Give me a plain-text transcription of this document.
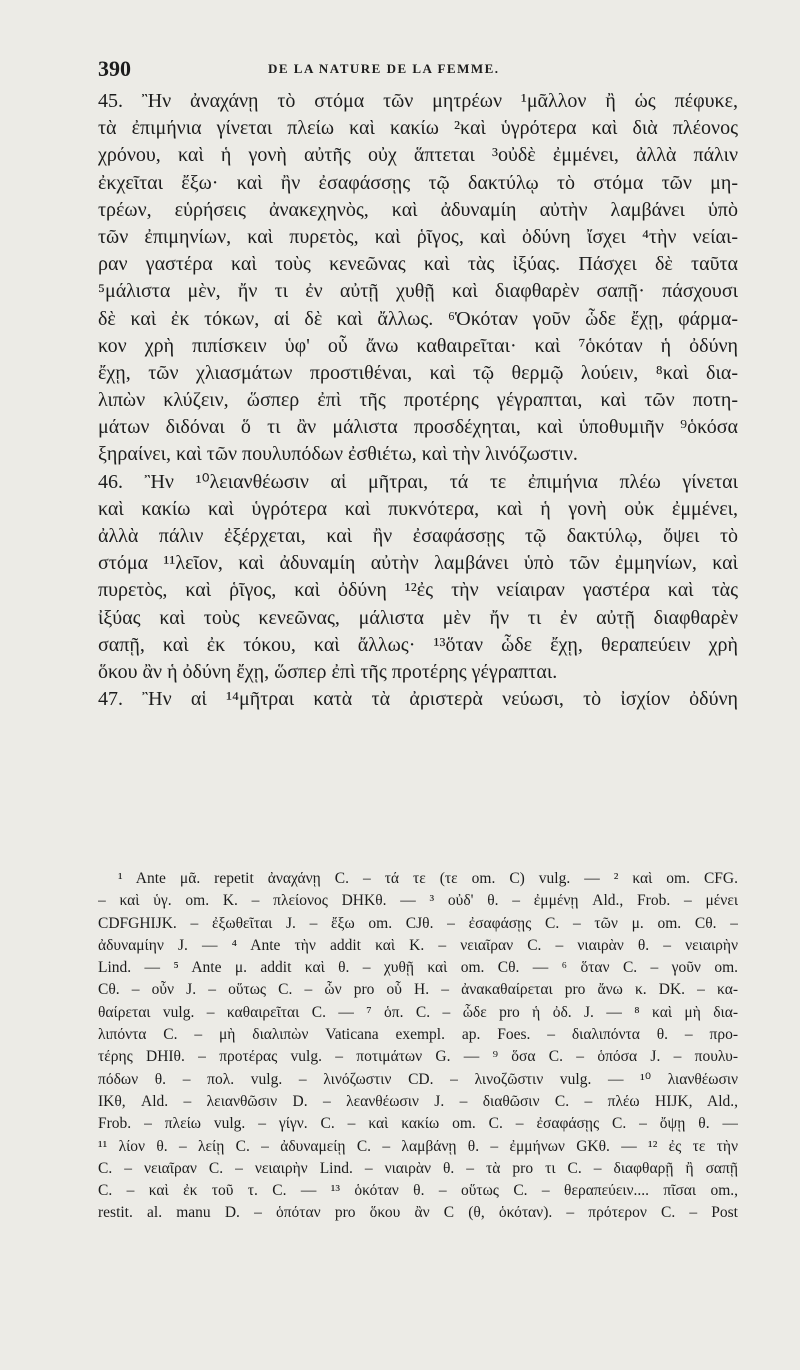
390	DE LA NATURE DE LA FEMME.
45. Ἢν ἀναχάνῃ τὸ στόμα τῶν μητρέων ¹μᾶλλον ἢ ὡς πέφυκε,
τὰ ἐπιμήνια γίνεται πλείω καὶ κακίω ²καὶ ὑγρότερα καὶ διὰ πλέονος
χρόνου, καὶ ἡ γονὴ αὐτῆς οὐχ ἅπτεται ³οὐδὲ ἐμμένει, ἀλλὰ πάλιν
ἐκχεῖται ἔξω· καὶ ἢν ἐσαφάσσῃς τῷ δακτύλῳ τὸ στόμα τῶν μη-
τρέων, εὑρήσεις ἀνακεχηνὸς, καὶ ἀδυναμίη αὐτὴν λαμβάνει ὑπὸ
τῶν ἐπιμηνίων, καὶ πυρετὸς, καὶ ῥῖγος, καὶ ὀδύνη ἴσχει ⁴τὴν νείαι-
ραν γαστέρα καὶ τοὺς κενεῶνας καὶ τὰς ἰξύας. Πάσχει δὲ ταῦτα
⁵μάλιστα μὲν, ἤν τι ἐν αὐτῇ χυθῇ καὶ διαφθαρὲν σαπῇ· πάσχουσι
δὲ καὶ ἐκ τόκων, αἱ δὲ καὶ ἄλλως. ⁶Ὁκόταν γοῦν ὧδε ἔχῃ, φάρμα-
κον χρὴ πιπίσκειν ὑφ' οὗ ἄνω καθαιρεῖται· καὶ ⁷ὁκόταν ἡ ὀδύνη
ἔχῃ, τῶν χλιασμάτων προστιθέναι, καὶ τῷ θερμῷ λούειν, ⁸καὶ δια-
λιπὼν κλύζειν, ὥσπερ ἐπὶ τῆς προτέρης γέγραπται, καὶ τῶν ποτη-
μάτων διδόναι ὅ τι ἂν μάλιστα προσδέχηται, καὶ ὑποθυμιῆν ⁹ὁκόσα
ξηραίνει, καὶ τῶν πουλυπόδων ἐσθιέτω, καὶ τὴν λινόζωστιν.
46. Ἢν ¹⁰λειανθέωσιν αἱ μῆτραι, τά τε ἐπιμήνια πλέω γίνεται
καὶ κακίω καὶ ὑγρότερα καὶ πυκνότερα, καὶ ἡ γονὴ οὐκ ἐμμένει,
ἀλλὰ πάλιν ἐξέρχεται, καὶ ἢν ἐσαφάσσῃς τῷ δακτύλῳ, ὄψει τὸ
στόμα ¹¹λεῖον, καὶ ἀδυναμίη αὐτὴν λαμβάνει ὑπὸ τῶν ἐμμηνίων, καὶ
πυρετὸς, καὶ ῥῖγος, καὶ ὀδύνη ¹²ἐς τὴν νείαιραν γαστέρα καὶ τὰς
ἰξύας καὶ τοὺς κενεῶνας, μάλιστα μὲν ἤν τι ἐν αὐτῇ διαφθαρὲν
σαπῇ, καὶ ἐκ τόκου, καὶ ἄλλως· ¹³ὅταν ὧδε ἔχῃ, θεραπεύειν χρὴ
ὅκου ἂν ἡ ὀδύνη ἔχῃ, ὥσπερ ἐπὶ τῆς προτέρης γέγραπται.
47. Ἢν αἱ ¹⁴μῆτραι κατὰ τὰ ἀριστερὰ νεύωσι, τὸ ἰσχίον ὀδύνη
¹ Ante μᾶ. repetit ἀναχάνῃ C. – τά τε (τε om. C) vulg. — ² καὶ om. CFG.
– καὶ ὑγ. om. K. – πλείονος DHKθ. — ³ οὐδ' θ. – ἐμμένῃ Ald., Frob. – μένει
CDFGHIJK. – ἐξωθεῖται J. – ἔξω om. CJθ. – ἐσαφάσῃς C. – τῶν μ. om. Cθ. –
ἀδυναμίην J. — ⁴ Ante τὴν addit καὶ K. – νειαῖραν C. – νιαιρὰν θ. – νειαιρὴν
Lind. — ⁵ Ante μ. addit καὶ θ. – χυθῇ καὶ om. Cθ. — ⁶ ὅταν C. – γοῦν om.
Cθ. – οὖν J. – οὕτως C. – ὧν pro οὗ H. – ἀνακαθαίρεται pro ἄνω κ. DK. – κα-
θαίρεται vulg. – καθαιρεῖται C. — ⁷ ὁπ. C. – ὧδε pro ἡ ὀδ. J. — ⁸ καὶ μὴ δια-
λιπόντα C. – μὴ διαλιπὼν Vaticana exempl. ap. Foes. – διαλιπόντα θ. – προ-
τέρης DHIθ. – προτέρας vulg. – ποτιμάτων G. — ⁹ ὅσα C. – ὁπόσα J. – πουλυ-
πόδων θ. – πολ. vulg. – λινόζωστιν CD. – λινοζῶστιν vulg. — ¹⁰ λιανθέωσιν
IKθ, Ald. – λειανθῶσιν D. – λεανθέωσιν J. – διαθῶσιν C. – πλέω HIJK, Ald.,
Frob. – πλείω vulg. – γίγν. C. – καὶ κακίω om. C. – ἐσαφάσῃς C. – ὄψῃ θ. —
¹¹ λίον θ. – λείῃ C. – ἀδυναμείῃ C. – λαμβάνῃ θ. – ἐμμήνων GKθ. — ¹² ἐς τε τὴν
C. – νειαῖραν C. – νειαιρὴν Lind. – νιαιρὰν θ. – τὰ pro τι C. – διαφθαρῇ ἢ σαπῇ
C. – καὶ ἐκ τοῦ τ. C. — ¹³ ὁκόταν θ. – οὕτως C. – θεραπεύειν.... πῖσαι om.,
restit. al. manu D. – ὁπόταν pro ὅκου ἂν C (θ, ὁκόταν). – πρότερον C. – Post
